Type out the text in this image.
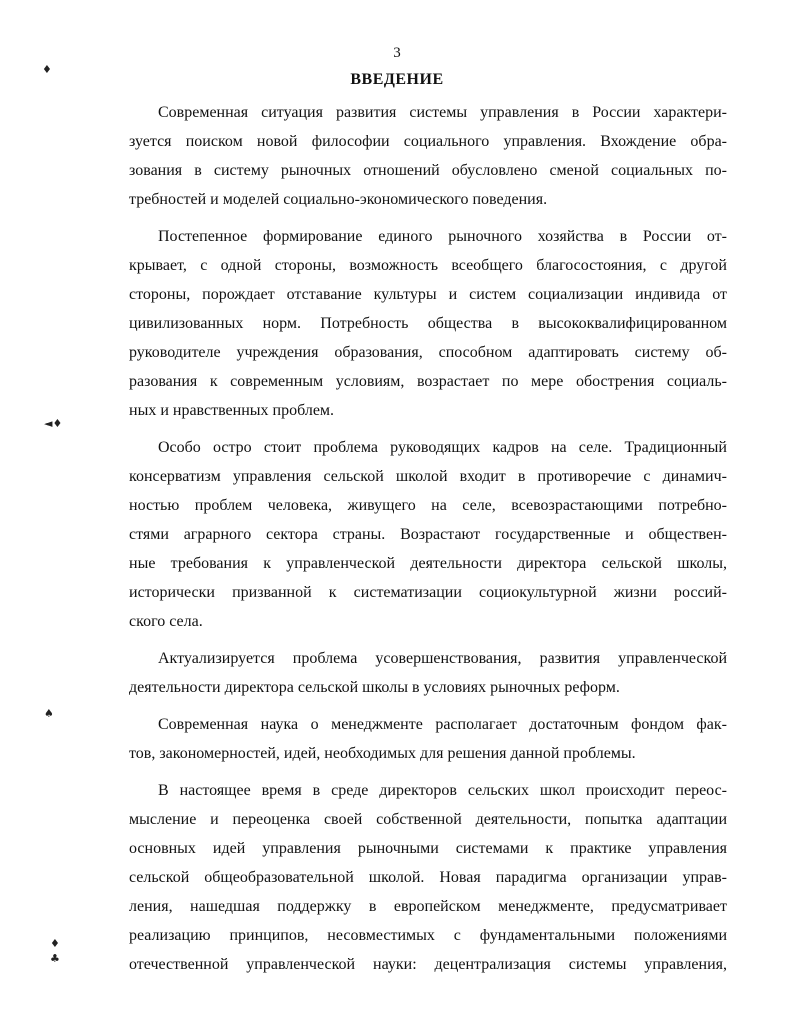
3
ВВЕДЕНИЕ
♦
◄♦
♠
♦
♣
Современная ситуация развития системы управления в России характери-
зуется поиском новой философии социального управления. Вхождение обра-
зования в систему рыночных отношений обусловлено сменой социальных по-
требностей и моделей социально-экономического поведения.
Постепенное формирование единого рыночного хозяйства в России от-
крывает, с одной стороны, возможность всеобщего благосостояния, с другой
стороны, порождает отставание культуры и систем социализации индивида от
цивилизованных норм. Потребность общества в высококвалифицированном
руководителе учреждения образования, способном адаптировать систему об-
разования к современным условиям, возрастает по мере обострения социаль-
ных и нравственных проблем.
Особо остро стоит проблема руководящих кадров на селе. Традиционный
консерватизм управления сельской школой входит в противоречие с динамич-
ностью проблем человека, живущего на селе, всевозрастающими потребно-
стями аграрного сектора страны. Возрастают государственные и обществен-
ные требования к управленческой деятельности директора сельской школы,
исторически призванной к систематизации социокультурной жизни россий-
ского села.
Актуализируется проблема усовершенствования, развития управленческой
деятельности директора сельской школы в условиях рыночных реформ.
Современная наука о менеджменте располагает достаточным фондом фак-
тов, закономерностей, идей, необходимых для решения данной проблемы.
В настоящее время в среде директоров сельских школ происходит переос-
мысление и переоценка своей собственной деятельности, попытка адаптации
основных идей управления рыночными системами к практике управления
сельской общеобразовательной школой. Новая парадигма организации управ-
ления, нашедшая поддержку в европейском менеджменте, предусматривает
реализацию принципов, несовместимых с фундаментальными положениями
отечественной управленческой науки: децентрализация системы управления,
